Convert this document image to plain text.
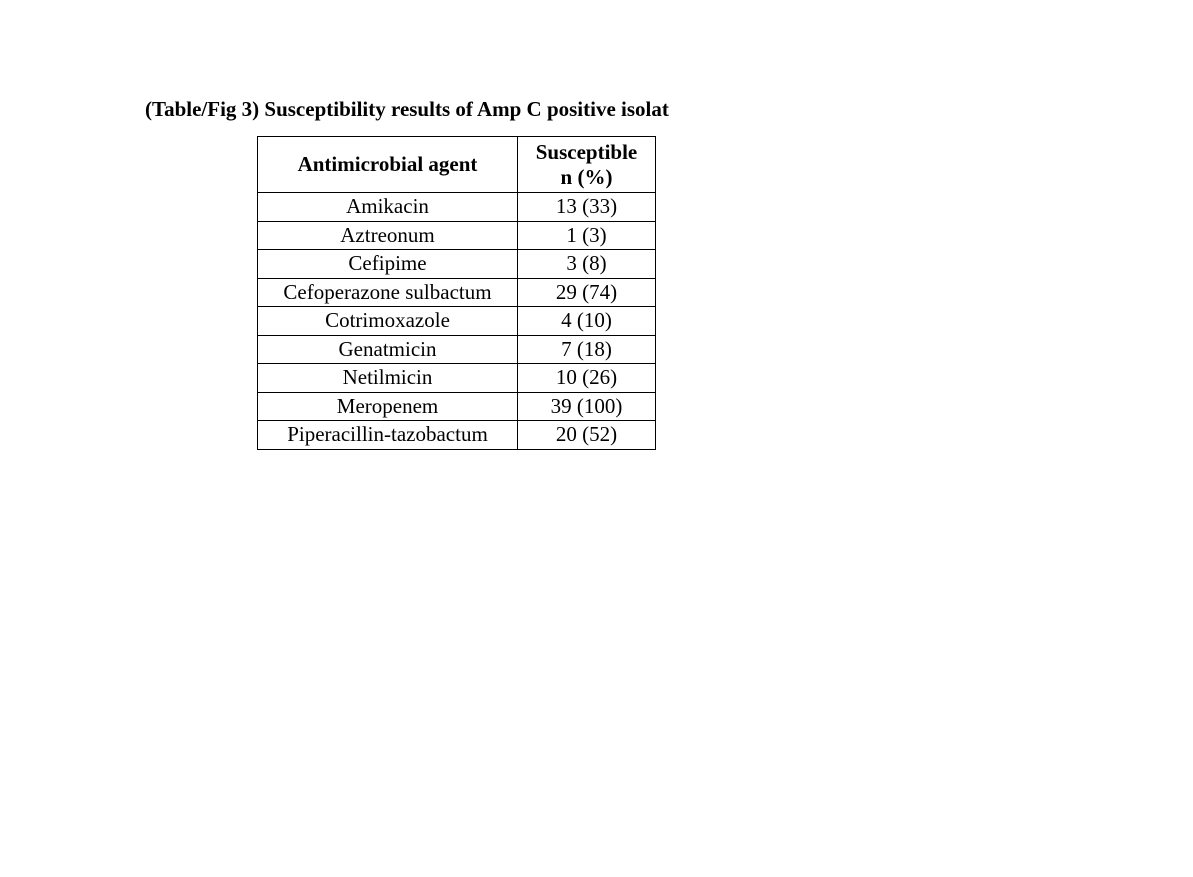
(Table/Fig 3) Susceptibility results of Amp C positive isolat
Antimicrobial agent	Susceptible
n (%)
Amikacin	13 (33)
Aztreonum	1 (3)
Cefipime	3 (8)
Cefoperazone sulbactum	29 (74)
Cotrimoxazole	4 (10)
Genatmicin	7 (18)
Netilmicin	10 (26)
Meropenem	39 (100)
Piperacillin-tazobactum	20 (52)
